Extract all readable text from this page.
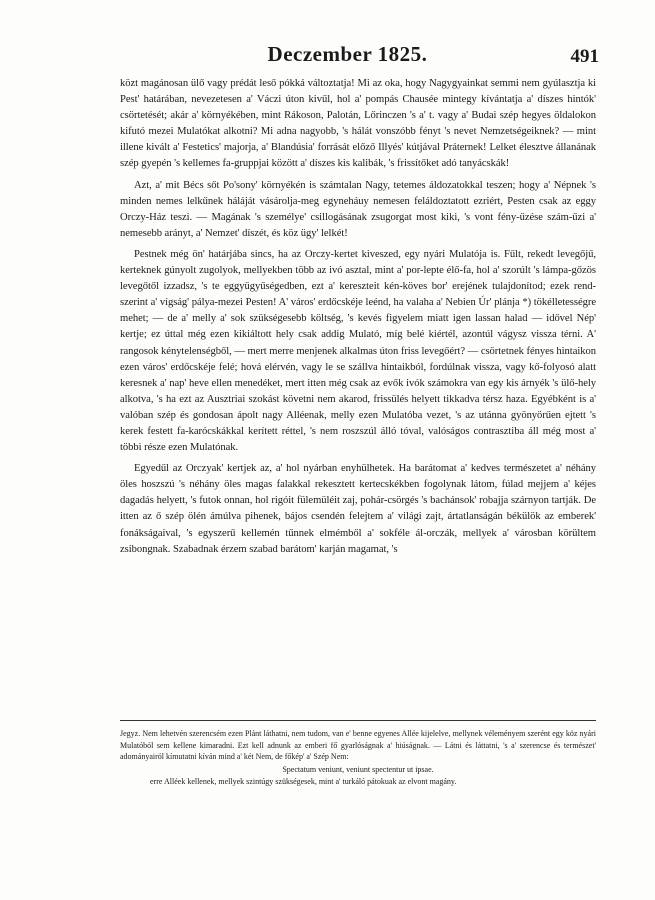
Deczember 1825.	491

közt magánosan ülő vagy prédát leső pókká változtatja! Mi az oka, hogy Nagygyainkat semmi nem gyúlasztja ki Pest' határában, nevezetesen a' Váczi úton kivűl, hol a' pompás Chausée mintegy kívántatja a' díszes hintók' csörtetését; akár a' környékében, mint Rákoson, Palotán, Lőrinczen 's a' t. vagy a' Budai szép hegyes öldalokon kifutó mezei Mulatókat alkotni? Mi adna nagyobb, 's hálát vonszóbb fényt 's nevet Nemzetségeiknek? — mint illene kivált a' Festetics' majorja, a' Blandúsia' forrását előző Illyés' kútjával Práternek! Lelket élesztve állanának szép gyepén 's kellemes fa-gruppjai között a' díszes kis kalibák, 's frissítőket adó tanyácskák!

Azt, a' mit Bécs sőt Po'sony' környékén is számtalan Nagy, tetemes áldozatokkal teszen; hogy a' Népnek 's minden nemes lelkűnek háláját vásárolja-meg egyneháuy nemesen feláldoztatott ezriért, Pesten csak az eggy Orczy-Ház teszi. — Magának 's személye' csillogásának zsugorgat most kiki, 's vont fény-űzése szám-űzi a' nemesebb arányt, a' Nemzet' díszét, és köz ügy' lelkét!

Pestnek még ön' határjába sincs, ha az Orczy-kertet kiveszed, egy nyári Mulatója is. Fűlt, rekedt levegőjű, kerteknek gúnyolt zugolyok, mellyekben több az ivó asztal, mint a' por-lepte élő-fa, hol a' szorúlt 's lámpa-gőzös levegőtől izzadsz, 's te eggyügyűségedben, ezt a' kereszteit kén-köves bor' erejének tulajdonítod; ezek rend-szerint a' vígság' pálya-mezei Pesten! A' város' erdőcskéje leénd, ha valaha a' Nebien Úr' plánja *) tökélletességre mehet; — de a' melly a' sok szükségesebb költség, 's kevés figyelem miatt igen lassan halad — idővel Nép' kertje; ez úttal még ezen kikiáltott hely csak addig Mulató, míg belé kiértél, azontúl vágysz vissza térni. A' rangosok kénytelenségből, — mert merre menjenek alkalmas úton friss levegőért? — csörtetnek fényes hintaikon ezen város' erdőcskéje felé; hová elérvén, vagy le se szállva hintaikból, fordúlnak vissza, vagy kő-folyosó alatt keresnek a' nap' heve ellen menedéket, mert itten még csak az evők ivók számokra van egy kis árnyék 's ülő-hely alkotva, 's ha ezt az Ausztriai szokást követni nem akarod, frissülés helyett tikkadva térsz haza. Egyébként is a' valóban szép és gondosan ápolt nagy Alléenak, melly ezen Mulatóba vezet, 's az utánna gyönyörűen ejtett 's kerek festett fa-karócskákkal kerített réttel, 's nem roszszúl álló tóval, valóságos contrasztiba áll még most a' többi része ezen Mulatónak.

Egyedűl az Orczyak' kertjek az, a' hol nyárban enyhülhetek. Ha barátomat a' kedves természetet a' néhány öles hoszszú 's néhány öles magas falakkal rekesztett kertecskékben fogolynak látom, fúlad mejjem a' kéjes dagadás helyett, 's futok onnan, hol rigóit fülemüléit zaj, pohár-csörgés 's bachánsok' robajja szárnyon tartják. De itten az ő szép ölén ámúlva pihenek, bájos csendén felejtem a' világi zajt, ártatlanságán békülök az emberek' fonákságaival, 's egyszerű kellemén tűnnek elmémből a' sokféle ál-orczák, mellyek a' városban körültem zsibongnak. Szabadnak érzem szabad barátom' karján magamat, 's

Jegyz. Nem lehetvén szerencsém ezen Plánt láthatni, nem tudom, van e' benne egyenes Allée kijelelve, mellynek véleményem szerént egy köz nyári Mulatóból sem kellene kimaradni. Ezt kell adnunk az emberi fő gyarlóságnak a' hiúságnak. — Látni és láttatni, 's a' szerencse és természet' adományairól kímutatni kíván mind a' két Nem, de főkép' a' Szép Nem:

Spectatum veniunt, veniunt spectentur ut ipsae.

erre Alléek kellenek, mellyek szintúgy szükségesek, mint a' turkáló pátokuak az elvont magány.
